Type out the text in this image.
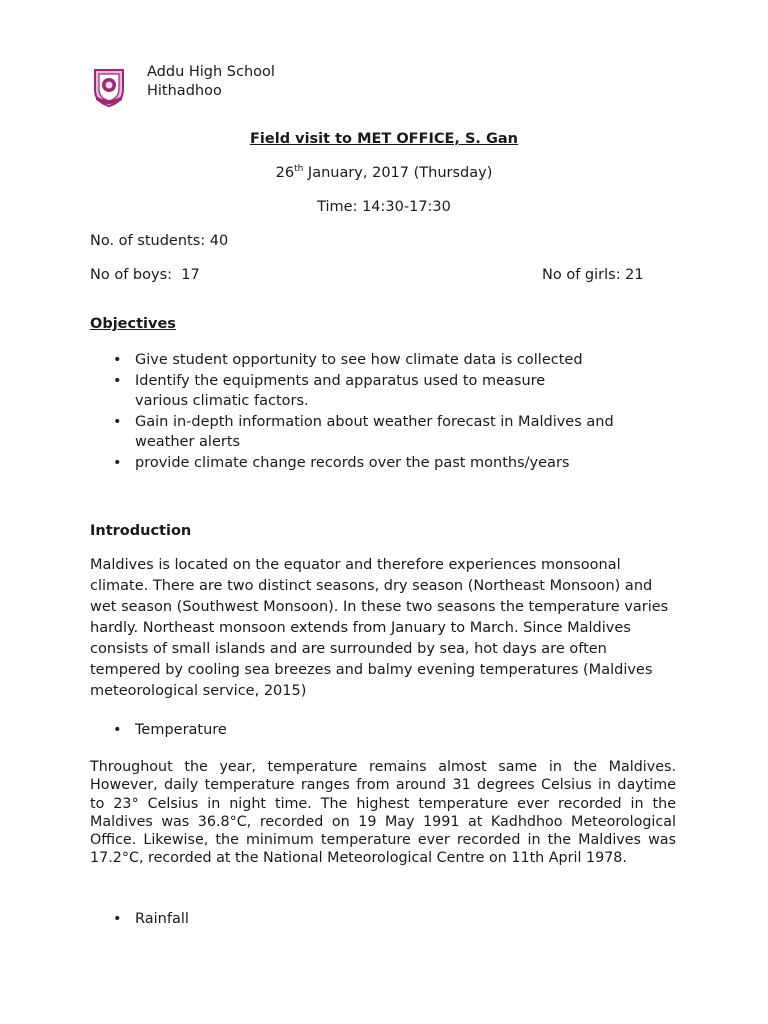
Addu High School
Hithadhoo
Field visit to MET OFFICE, S. Gan
26th January, 2017 (Thursday)
Time: 14:30-17:30
No. of students: 40
No of boys:  17	No of girls: 21
Objectives
• Give student opportunity to see how climate data is collected
• Identify the equipments and apparatus used to measure various climatic factors.
• Gain in-depth information about weather forecast in Maldives and weather alerts
• provide climate change records over the past months/years
Introduction

Maldives is located on the equator and therefore experiences monsoonal climate. There are two distinct seasons, dry season (Northeast Monsoon) and wet season (Southwest Monsoon). In these two seasons the temperature varies hardly. Northeast monsoon extends from January to March. Since Maldives consists of small islands and are surrounded by sea, hot days are often tempered by cooling sea breezes and balmy evening temperatures (Maldives meteorological service, 2015)

• Temperature

Throughout the year, temperature remains almost same in the Maldives. However, daily temperature ranges from around 31 degrees Celsius in daytime to 23° Celsius in night time. The highest temperature ever recorded in the Maldives was 36.8°C, recorded on 19 May 1991 at Kadhdhoo Meteorological Office. Likewise, the minimum temperature ever recorded in the Maldives was 17.2°C, recorded at the National Meteorological Centre on 11th April 1978.

• Rainfall
